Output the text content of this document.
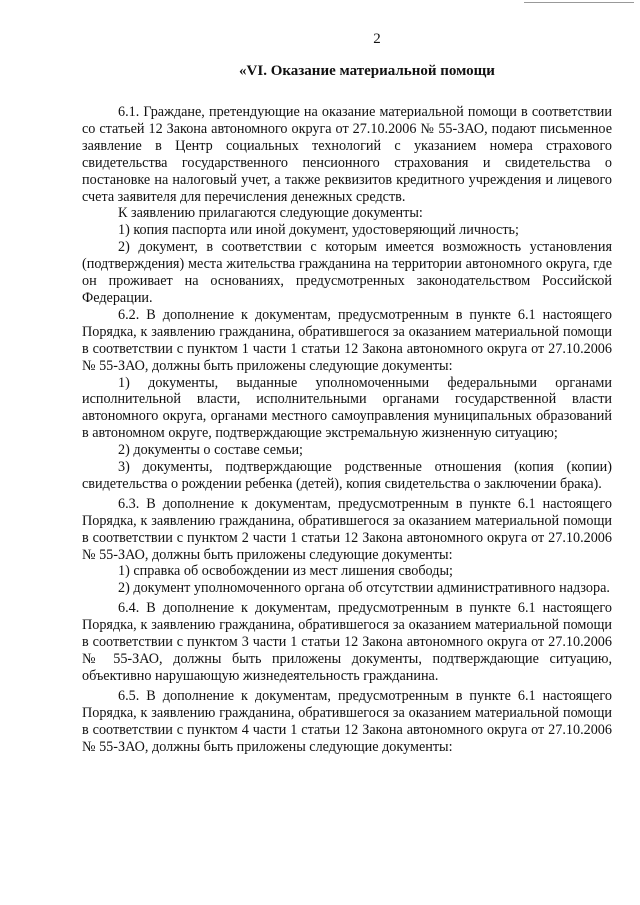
2
«VI. Оказание материальной помощи

6.1. Граждане, претендующие на оказание материальной помощи в соответствии со статьей 12 Закона автономного округа от 27.10.2006 № 55-ЗАО, подают письменное заявление в Центр социальных технологий с указанием номера страхового свидетельства государственного пенсионного страхования и свидетельства о постановке на налоговый учет, а также реквизитов кредитного учреждения и лицевого счета заявителя для перечисления денежных средств.

К заявлению прилагаются следующие документы:

1) копия паспорта или иной документ, удостоверяющий личность;

2) документ, в соответствии с которым имеется возможность установления (подтверждения) места жительства гражданина на территории автономного округа, где он проживает на основаниях, предусмотренных законодательством Российской Федерации.

6.2. В дополнение к документам, предусмотренным в пункте 6.1 настоящего Порядка, к заявлению гражданина, обратившегося за оказанием материальной помощи в соответствии с пунктом 1 части 1 статьи 12 Закона автономного округа от 27.10.2006 № 55-ЗАО, должны быть приложены следующие документы:

1) документы, выданные уполномоченными федеральными органами исполнительной власти, исполнительными органами государственной власти автономного округа, органами местного самоуправления муниципальных образований в автономном округе, подтверждающие экстремальную жизненную ситуацию;

2) документы о составе семьи;

3) документы, подтверждающие родственные отношения (копия (копии) свидетельства о рождении ребенка (детей), копия свидетельства о заключении брака).

6.3. В дополнение к документам, предусмотренным в пункте 6.1 настоящего Порядка, к заявлению гражданина, обратившегося за оказанием материальной помощи в соответствии с пунктом 2 части 1 статьи 12 Закона автономного округа от 27.10.2006 № 55-ЗАО, должны быть приложены следующие документы:

1) справка об освобождении из мест лишения свободы;

2) документ уполномоченного органа об отсутствии административного надзора.

6.4. В дополнение к документам, предусмотренным в пункте 6.1 настоящего Порядка, к заявлению гражданина, обратившегося за оказанием материальной помощи в соответствии с пунктом 3 части 1 статьи 12 Закона автономного округа от 27.10.2006 № 55-ЗАО, должны быть приложены документы, подтверждающие ситуацию, объективно нарушающую жизнедеятельность гражданина.

6.5. В дополнение к документам, предусмотренным в пункте 6.1 настоящего Порядка, к заявлению гражданина, обратившегося за оказанием материальной помощи в соответствии с пунктом 4 части 1 статьи 12 Закона автономного округа от 27.10.2006 № 55-ЗАО, должны быть приложены следующие документы:
